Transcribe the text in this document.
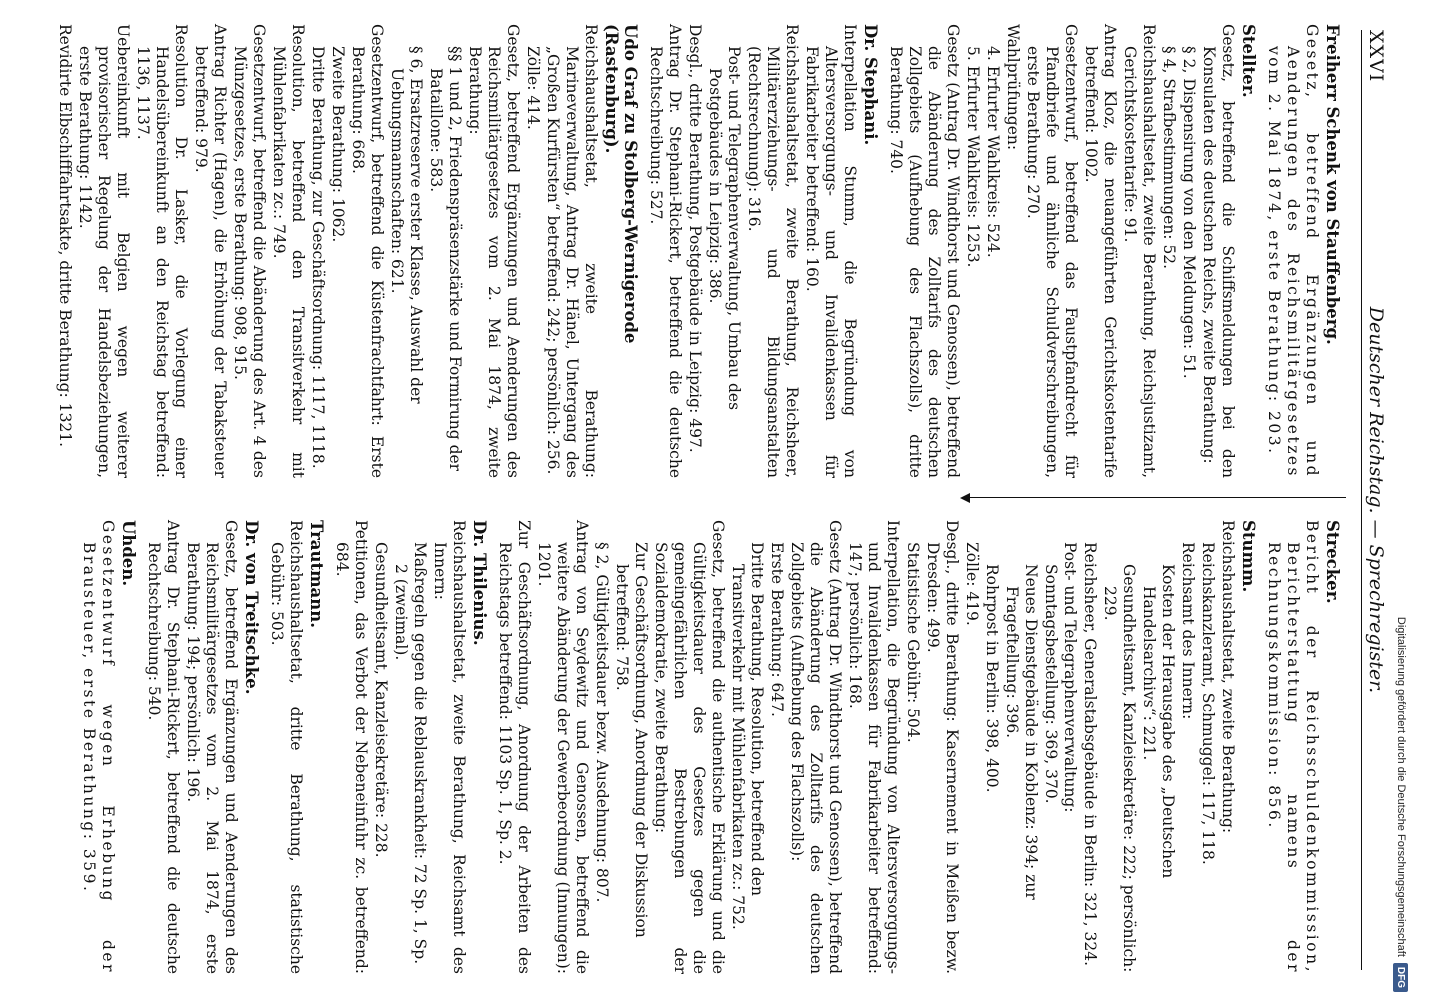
XXVI
Deutscher Reichstag. — Sprechregister.
Freiherr Schenk von Stauffenberg.

Gesetz, betreffend Ergänzungen und Aenderungen des Reichsmilitärgesetzes vom 2. Mai 1874, erste Berathung: 203.

Stellter.

Gesetz, betreffend die Schiffsmeldungen bei den Konsulaten des deutschen Reichs, zweite Berathung:

§ 2, Dispensirung von den Meldungen: 51.

§ 4, Strafbestimmungen: 52.

Reichshaushaltsetat, zweite Berathung, Reichsjustizamt, Gerichtskostentarife: 91.

Antrag Kloz, die neuangeführten Gerichtskostentarife betreffend: 1002.

Gesetzentwurf, betreffend das Faustpfandrecht für Pfandbriefe und ähnliche Schuldverschreibungen, erste Berathung: 270.

Wahlprüfungen:

4. Erfurter Wahlkreis: 524.

5. Erfurter Wahlkreis: 1253.

Gesetz (Antrag Dr. Windthorst und Genossen), betreffend die Abänderung des Zolltarifs des deutschen Zollgebiets (Aufhebung des Flachszolls), dritte Berathung: 740.

Dr. Stephani.

Interpellation Stumm, die Begründung von Altersversorgungs- und Invalidenkassen für Fabrikarbeiter betreffend: 160.

Reichshaushaltsetat, zweite Berathung, Reichsheer, Militärerziehungs- und Bildungsanstalten (Rechtsrechnung): 316.

Post- und Telegraphenverwaltung, Umbau des Postgebäudes in Leipzig: 386.

Desgl., dritte Berathung, Postgebäude in Leipzig: 497.

Antrag Dr. Stephani-Rickert, betreffend die deutsche Rechtschreibung: 527.

Udo Graf zu Stolberg-Wernigerode (Rastenburg).

Reichshaushaltsetat, zweite Berathung: Marineverwaltung, Antrag Dr. Hänel, Untergang des „Großen Kurfürsten“ betreffend: 242; persönlich: 256.

Zölle: 414.

Gesetz, betreffend Ergänzungen und Aenderungen des Reichsmilitärgesetzes vom 2. Mai 1874, zweite Berathung:

§§ 1 und 2, Friedenspräsenzstärke und Formirung der Bataillone: 583.

§ 6, Ersatzreserve erster Klasse, Auswahl der Uebungsmannschaften: 621.

Gesetzentwurf, betreffend die Küstenfrachtfahrt: Erste Berathung: 668.

Zweite Berathung: 1062.

Dritte Berathung, zur Geschäftsordnung: 1117, 1118.

Resolution, betreffend den Transitverkehr mit Mühlenfabrikaten zc.: 749.

Gesetzentwurf, betreffend die Abänderung des Art. 4 des Münzgesetzes, erste Berathung: 908, 915.

Antrag Richter (Hagen), die Erhöhung der Tabaksteuer betreffend: 979.

Resolution Dr. Lasker, die Vorlegung einer Handelsübereinkunft an den Reichstag betreffend: 1136, 1137.

Uebereinkunft mit Belgien wegen weiterer provisorischer Regelung der Handelsbeziehungen, erste Berathung: 1142.

Revidirte Elbschifffahrtsakte, dritte Berathung: 1321.

Strecker.

Bericht der Reichsschuldenkommission, Berichterstattung namens der Rechnungskommission: 856.

Stumm.

Reichshaushaltsetat, zweite Berathung:

Reichskanzleramt, Schmuggel: 117, 118.

Reichsamt des Innern:

Kosten der Herausgabe des „Deutschen Handelsarchivs“: 221.

Gesundheitsamt, Kanzleisekretäre: 222; persönlich: 229.

Reichsheer, Generalstabsgebäude in Berlin: 321, 324.

Post- und Telegraphenverwaltung: Sonntagsbestellung: 369, 370.

Neues Dienstgebäude in Koblenz: 394; zur Frageftellung: 396.

Rohrpost in Berlin: 398, 400.

Zölle: 419.

Desgl., dritte Berathung: Kasernement in Meißen bezw. Dresden: 499.

Statistische Gebühr: 504.

Interpellation, die Begründung von Altersversorgungs- und Invalidenkassen für Fabrikarbeiter betreffend: 147; persönlich: 168.

Gesetz (Antrag Dr. Windthorst und Genossen), betreffend die Abänderung des Zolltarifs des deutschen Zollgebiets (Aufhebung des Flachszolls):

Erste Berathung: 647.

Dritte Berathung, Resolution, betreffend den Transitverkehr mit Mühlenfabrikaten zc.: 752.

Gesetz, betreffend die authentische Erklärung und die Gültigkeitsdauer des Gesetzes gegen die gemeingefährlichen Bestrebungen der Sozialdemokratie, zweite Berathung:

Zur Geschäftsordnung, Anordnung der Diskussion betreffend: 758.

§ 2, Gültigkeitsdauer bezw. Ausdehnung: 807.

Antrag von Seydewitz und Genossen, betreffend die weitere Abänderung der Gewerbeordnung (Innungen): 1201.

Zur Geschäftsordnung, Anordnung der Arbeiten des Reichstags betreffend: 1103 Sp. 1, Sp. 2.

Dr. Thilenius.

Reichshaushaltsetat, zweite Berathung, Reichsamt des Innern:

Maßregeln gegen die Reblauskrankheit: 72 Sp. 1, Sp. 2 (zweimal).

Gesundheitsamt, Kanzleisekretäre: 228.

Petitionen, das Verbot der Nebeneinfuhr zc. betreffend: 684.

Trautmann.

Reichshaushaltsetat, dritte Berathung, statistische Gebühr: 503.

Dr. von Treitschke.

Gesetz, betreffend Ergänzungen und Aenderungen des Reichsmilitärgesetzes vom 2. Mai 1874, erste Berathung: 194; persönlich: 196.

Antrag Dr. Stephani-Rickert, betreffend die deutsche Rechtschreibung: 540.

Uhden.

Gesetzentwurf wegen Erhebung der Brausteuer, erste Berathung: 359.	Digitalisierung gefördert durch die Deutsche Forschungsgemeinschaft
DFG
